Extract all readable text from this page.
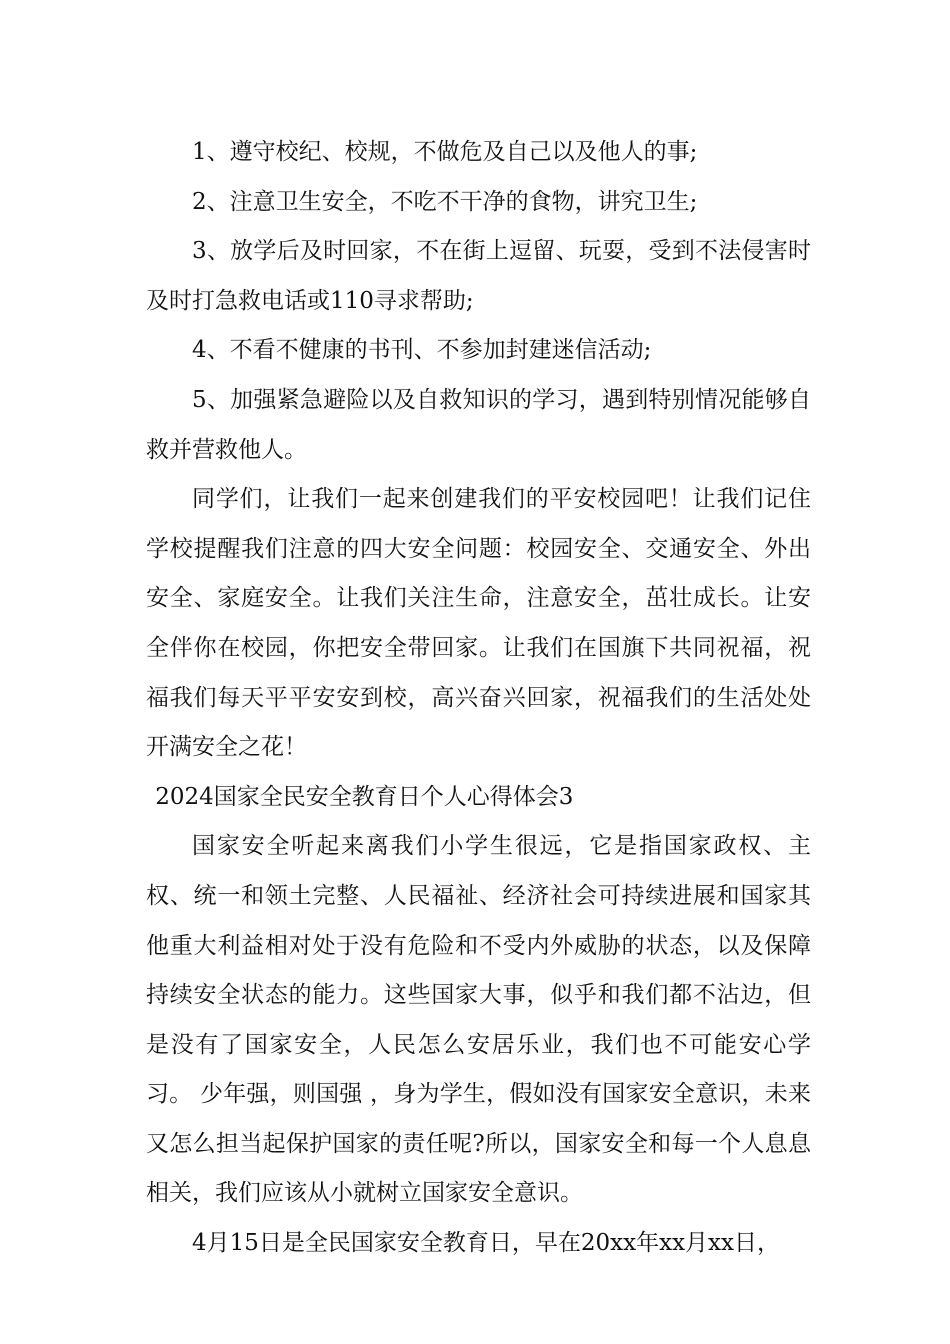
1、遵守校纪、校规，不做危及自己以及他人的事;

2、注意卫生安全，不吃不干净的食物，讲究卫生;

3、放学后及时回家，不在街上逗留、玩耍，受到不法侵害时及时打急救电话或110寻求帮助;

4、不看不健康的书刊、不参加封建迷信活动;

5、加强紧急避险以及自救知识的学习，遇到特别情况能够自救并营救他人。

同学们，让我们一起来创建我们的平安校园吧！让我们记住学校提醒我们注意的四大安全问题：校园安全、交通安全、外出安全、家庭安全。让我们关注生命，注意安全，茁壮成长。让安全伴你在校园，你把安全带回家。让我们在国旗下共同祝福，祝福我们每天平平安安到校，高兴奋兴回家，祝福我们的生活处处开满安全之花！

2024国家全民安全教育日个人心得体会3

国家安全听起来离我们小学生很远，它是指国家政权、主权、统一和领土完整、人民福祉、经济社会可持续进展和国家其他重大利益相对处于没有危险和不受内外威胁的状态，以及保障持续安全状态的能力。这些国家大事，似乎和我们都不沾边，但是没有了国家安全，人民怎么安居乐业，我们也不可能安心学习。 少年强，则国强 ，身为学生，假如没有国家安全意识，未来又怎么担当起保护国家的责任呢?所以，国家安全和每一个人息息相关，我们应该从小就树立国家安全意识。

4月15日是全民国家安全教育日，早在20xx年xx月xx日，
